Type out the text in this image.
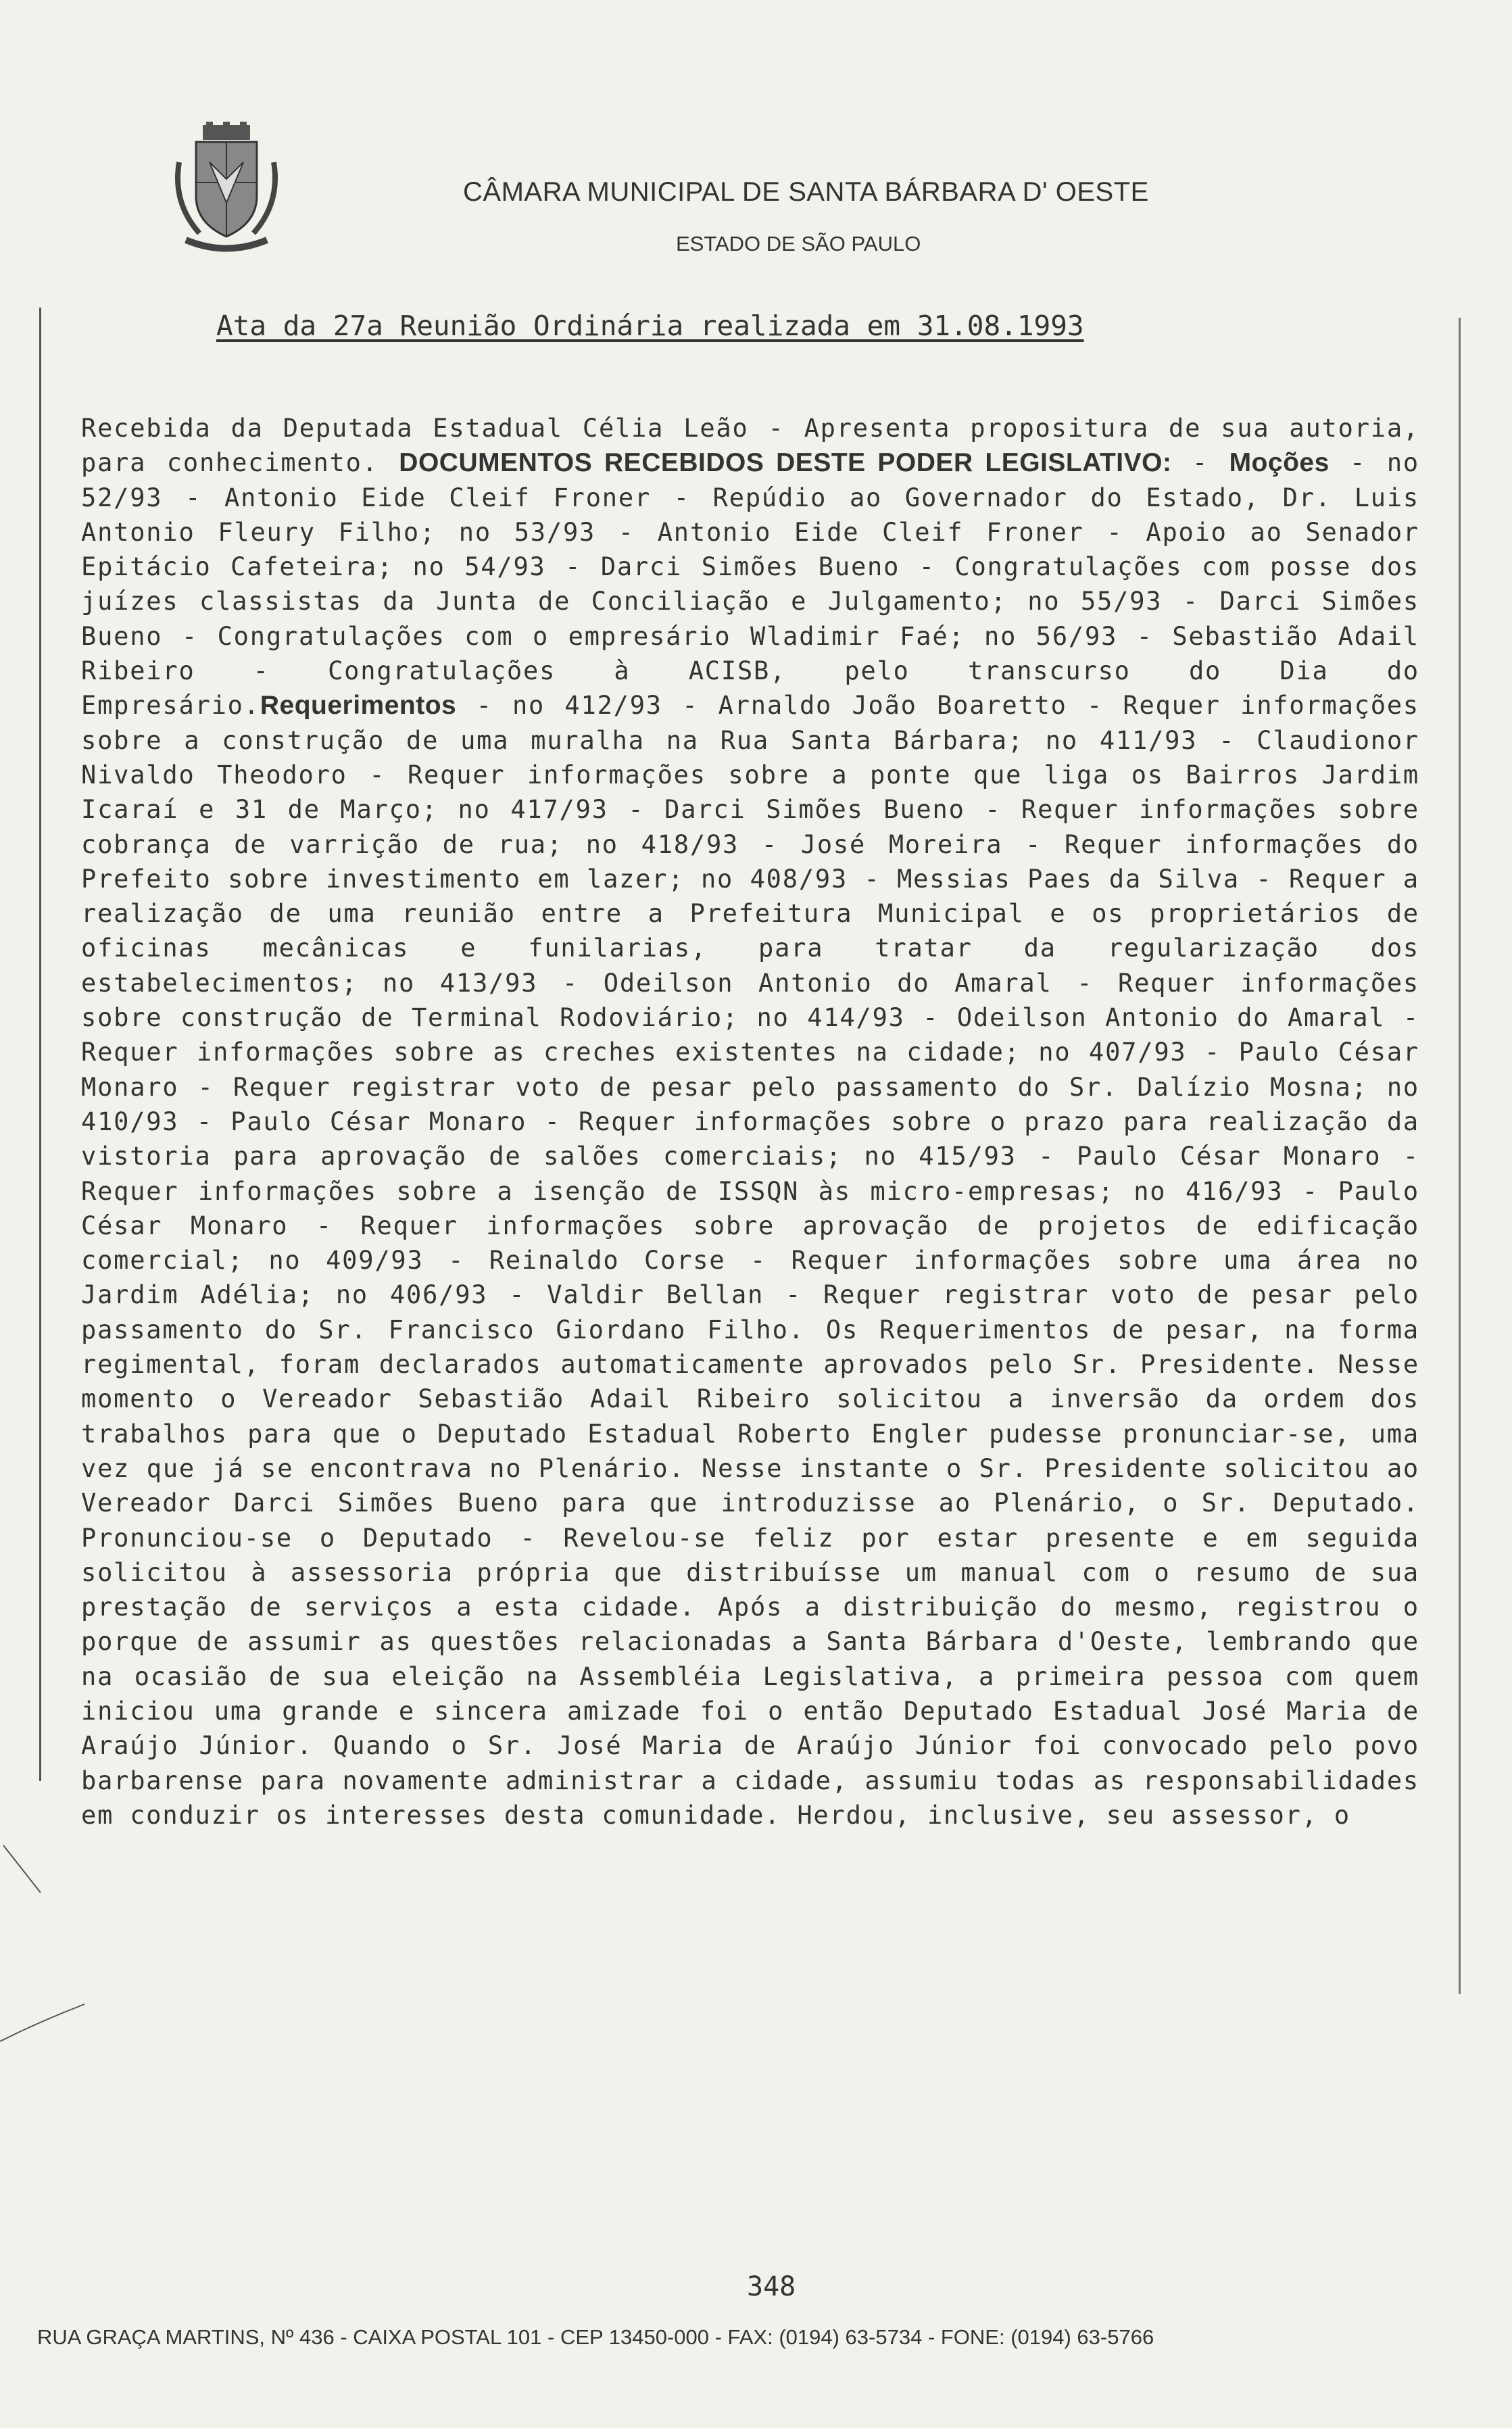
CÂMARA MUNICIPAL DE SANTA BÁRBARA D' OESTE
ESTADO DE SÃO PAULO
Ata da 27a Reunião Ordinária realizada em 31.08.1993
Recebida da Deputada Estadual Célia Leão - Apresenta propositura de sua autoria, para conhecimento. DOCUMENTOS RECEBIDOS DESTE PODER LEGISLATIVO: - Moções - no 52/93 - Antonio Eide Cleif Froner - Repúdio ao Governador do Estado, Dr. Luis Antonio Fleury Filho; no 53/93 - Antonio Eide Cleif Froner - Apoio ao Senador Epitácio Cafeteira; no 54/93 - Darci Simões Bueno - Congratulações com posse dos juízes classistas da Junta de Conciliação e Julgamento; no 55/93 - Darci Simões Bueno - Congratulações com o empresário Wladimir Faé; no 56/93 - Sebastião Adail Ribeiro - Congratulações à ACISB, pelo transcurso do Dia do Empresário.Requerimentos - no 412/93 - Arnaldo João Boaretto - Requer informações sobre a construção de uma muralha na Rua Santa Bárbara; no 411/93 - Claudionor Nivaldo Theodoro - Requer informações sobre a ponte que liga os Bairros Jardim Icaraí e 31 de Março; no 417/93 - Darci Simões Bueno - Requer informações sobre cobrança de varrição de rua; no 418/93 - José Moreira - Requer informações do Prefeito sobre investimento em lazer; no 408/93 - Messias Paes da Silva - Requer a realização de uma reunião entre a Prefeitura Municipal e os proprietários de oficinas mecânicas e funilarias, para tratar da regularização dos estabelecimentos; no 413/93 - Odeilson Antonio do Amaral - Requer informações sobre construção de Terminal Rodoviário; no 414/93 - Odeilson Antonio do Amaral - Requer informações sobre as creches existentes na cidade; no 407/93 - Paulo César Monaro - Requer registrar voto de pesar pelo passamento do Sr. Dalízio Mosna; no 410/93 - Paulo César Monaro - Requer informações sobre o prazo para realização da vistoria para aprovação de salões comerciais; no 415/93 - Paulo César Monaro - Requer informações sobre a isenção de ISSQN às micro-empresas; no 416/93 - Paulo César Monaro - Requer informações sobre aprovação de projetos de edificação comercial; no 409/93 - Reinaldo Corse - Requer informações sobre uma área no Jardim Adélia; no 406/93 - Valdir Bellan - Requer registrar voto de pesar pelo passamento do Sr. Francisco Giordano Filho. Os Requerimentos de pesar, na forma regimental, foram declarados automaticamente aprovados pelo Sr. Presidente. Nesse momento o Vereador Sebastião Adail Ribeiro solicitou a inversão da ordem dos trabalhos para que o Deputado Estadual Roberto Engler pudesse pronunciar-se, uma vez que já se encontrava no Plenário. Nesse instante o Sr. Presidente solicitou ao Vereador Darci Simões Bueno para que introduzisse ao Plenário, o Sr. Deputado. Pronunciou-se o Deputado - Revelou-se feliz por estar presente e em seguida solicitou à assessoria própria que distribuísse um manual com o resumo de sua prestação de serviços a esta cidade. Após a distribuição do mesmo, registrou o porque de assumir as questões relacionadas a Santa Bárbara d'Oeste, lembrando que na ocasião de sua eleição na Assembléia Legislativa, a primeira pessoa com quem iniciou uma grande e sincera amizade foi o então Deputado Estadual José Maria de Araújo Júnior. Quando o Sr. José Maria de Araújo Júnior foi convocado pelo povo barbarense para novamente administrar a cidade, assumiu todas as responsabilidades em conduzir os interesses desta comunidade. Herdou, inclusive, seu assessor, o
348
RUA GRAÇA MARTINS, Nº 436 - CAIXA POSTAL 101 - CEP 13450-000 - FAX: (0194) 63-5734 - FONE: (0194) 63-5766
